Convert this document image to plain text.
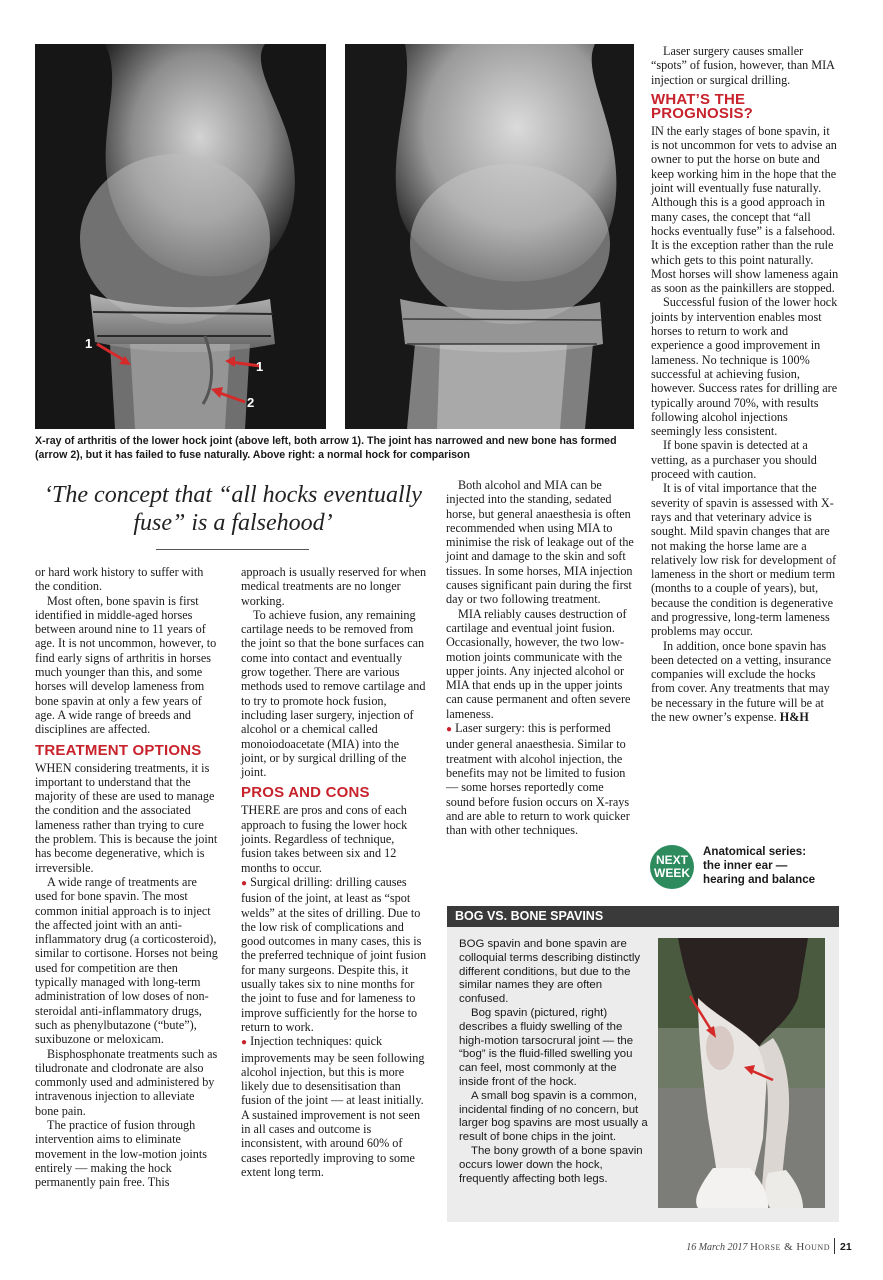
1
1
2
X-ray of arthritis of the lower hock joint (above left, both arrow 1). The joint has narrowed and new bone has formed (arrow 2), but it has failed to fuse naturally. Above right: a normal hock for comparison
‘The concept that “all hocks eventually fuse” is a falsehood’

or hard work history to suffer with the condition.

Most often, bone spavin is first identified in middle-aged horses between around nine to 11 years of age. It is not uncommon, however, to find early signs of arthritis in horses much younger than this, and some horses will develop lameness from bone spavin at only a few years of age. A wide range of breeds and disciplines are affected.

TREATMENT OPTIONS

WHEN considering treatments, it is important to understand that the majority of these are used to manage the condition and the associated lameness rather than trying to cure the problem. This is because the joint has become degenerative, which is irreversible.

A wide range of treatments are used for bone spavin. The most common initial approach is to inject the affected joint with an anti-inflammatory drug (a corticosteroid), similar to cortisone. Horses not being used for competition are then typically managed with long-term administration of low doses of non-steroidal anti-inflammatory drugs, such as phenylbutazone (“bute”), suxibuzone or meloxicam.

Bisphosphonate treatments such as tiludronate and clodronate are also commonly used and administered by intravenous injection to alleviate bone pain.

The practice of fusion through intervention aims to eliminate movement in the low-motion joints entirely — making the hock permanently pain free. This

approach is usually reserved for when medical treatments are no longer working.

To achieve fusion, any remaining cartilage needs to be removed from the joint so that the bone surfaces can come into contact and eventually grow together. There are various methods used to remove cartilage and to try to promote hock fusion, including laser surgery, injection of alcohol or a chemical called monoiodoacetate (MIA) into the joint, or by surgical drilling of the joint.

PROS AND CONS

THERE are pros and cons of each approach to fusing the lower hock joints. Regardless of technique, fusion takes between six and 12 months to occur.

● Surgical drilling: drilling causes fusion of the joint, at least as “spot welds” at the sites of drilling. Due to the low risk of complications and good outcomes in many cases, this is the preferred technique of joint fusion for many surgeons. Despite this, it usually takes six to nine months for the joint to fuse and for lameness to improve sufficiently for the horse to return to work.

● Injection techniques: quick improvements may be seen following alcohol injection, but this is more likely due to desensitisation than fusion of the joint — at least initially. A sustained improvement is not seen in all cases and outcome is inconsistent, with around 60% of cases reportedly improving to some extent long term.

Both alcohol and MIA can be injected into the standing, sedated horse, but general anaesthesia is often recommended when using MIA to minimise the risk of leakage out of the joint and damage to the skin and soft tissues. In some horses, MIA injection causes significant pain during the first day or two following treatment.

MIA reliably causes destruction of cartilage and eventual joint fusion. Occasionally, however, the two low-motion joints communicate with the upper joints. Any injected alcohol or MIA that ends up in the upper joints can cause permanent and often severe lameness.

● Laser surgery: this is performed under general anaesthesia. Similar to treatment with alcohol injection, the benefits may not be limited to fusion — some horses reportedly come sound before fusion occurs on X-rays and are able to return to work quicker than with other techniques.

Laser surgery causes smaller “spots” of fusion, however, than MIA injection or surgical drilling.

WHAT’S THE
PROGNOSIS?

IN the early stages of bone spavin, it is not uncommon for vets to advise an owner to put the horse on bute and keep working him in the hope that the joint will eventually fuse naturally. Although this is a good approach in many cases, the concept that “all hocks eventually fuse” is a falsehood. It is the exception rather than the rule which gets to this point naturally. Most horses will show lameness again as soon as the painkillers are stopped.

Successful fusion of the lower hock joints by intervention enables most horses to return to work and experience a good improvement in lameness. No technique is 100% successful at achieving fusion, however. Success rates for drilling are typically around 70%, with results following alcohol injections seemingly less consistent.

If bone spavin is detected at a vetting, as a purchaser you should proceed with caution.

It is of vital importance that the severity of spavin is assessed with X-rays and that veterinary advice is sought. Mild spavin changes that are not making the horse lame are a relatively low risk for development of lameness in the short or medium term (months to a couple of years), but, because the condition is degenerative and progressive, long-term lameness problems may occur.

In addition, once bone spavin has been detected on a vetting, insurance companies will exclude the hocks from cover. Any treatments that may be necessary in the future will be at the new owner’s expense. H&H

NEXT
WEEK
Anatomical series:
the inner ear —
hearing and balance
BOG VS. BONE SPAVINS

BOG spavin and bone spavin are colloquial terms describing distinctly different conditions, but due to the similar names they are often confused.

Bog spavin (pictured, right) describes a fluidy swelling of the high-motion tarsocrural joint — the “bog” is the fluid-filled swelling you can feel, most commonly at the inside front of the hock.

A small bog spavin is a common, incidental finding of no concern, but larger bog spavins are most usually a result of bone chips in the joint.

The bony growth of a bone spavin occurs lower down the hock, frequently affecting both legs.

16 March 2017 Horse & Hound 21
